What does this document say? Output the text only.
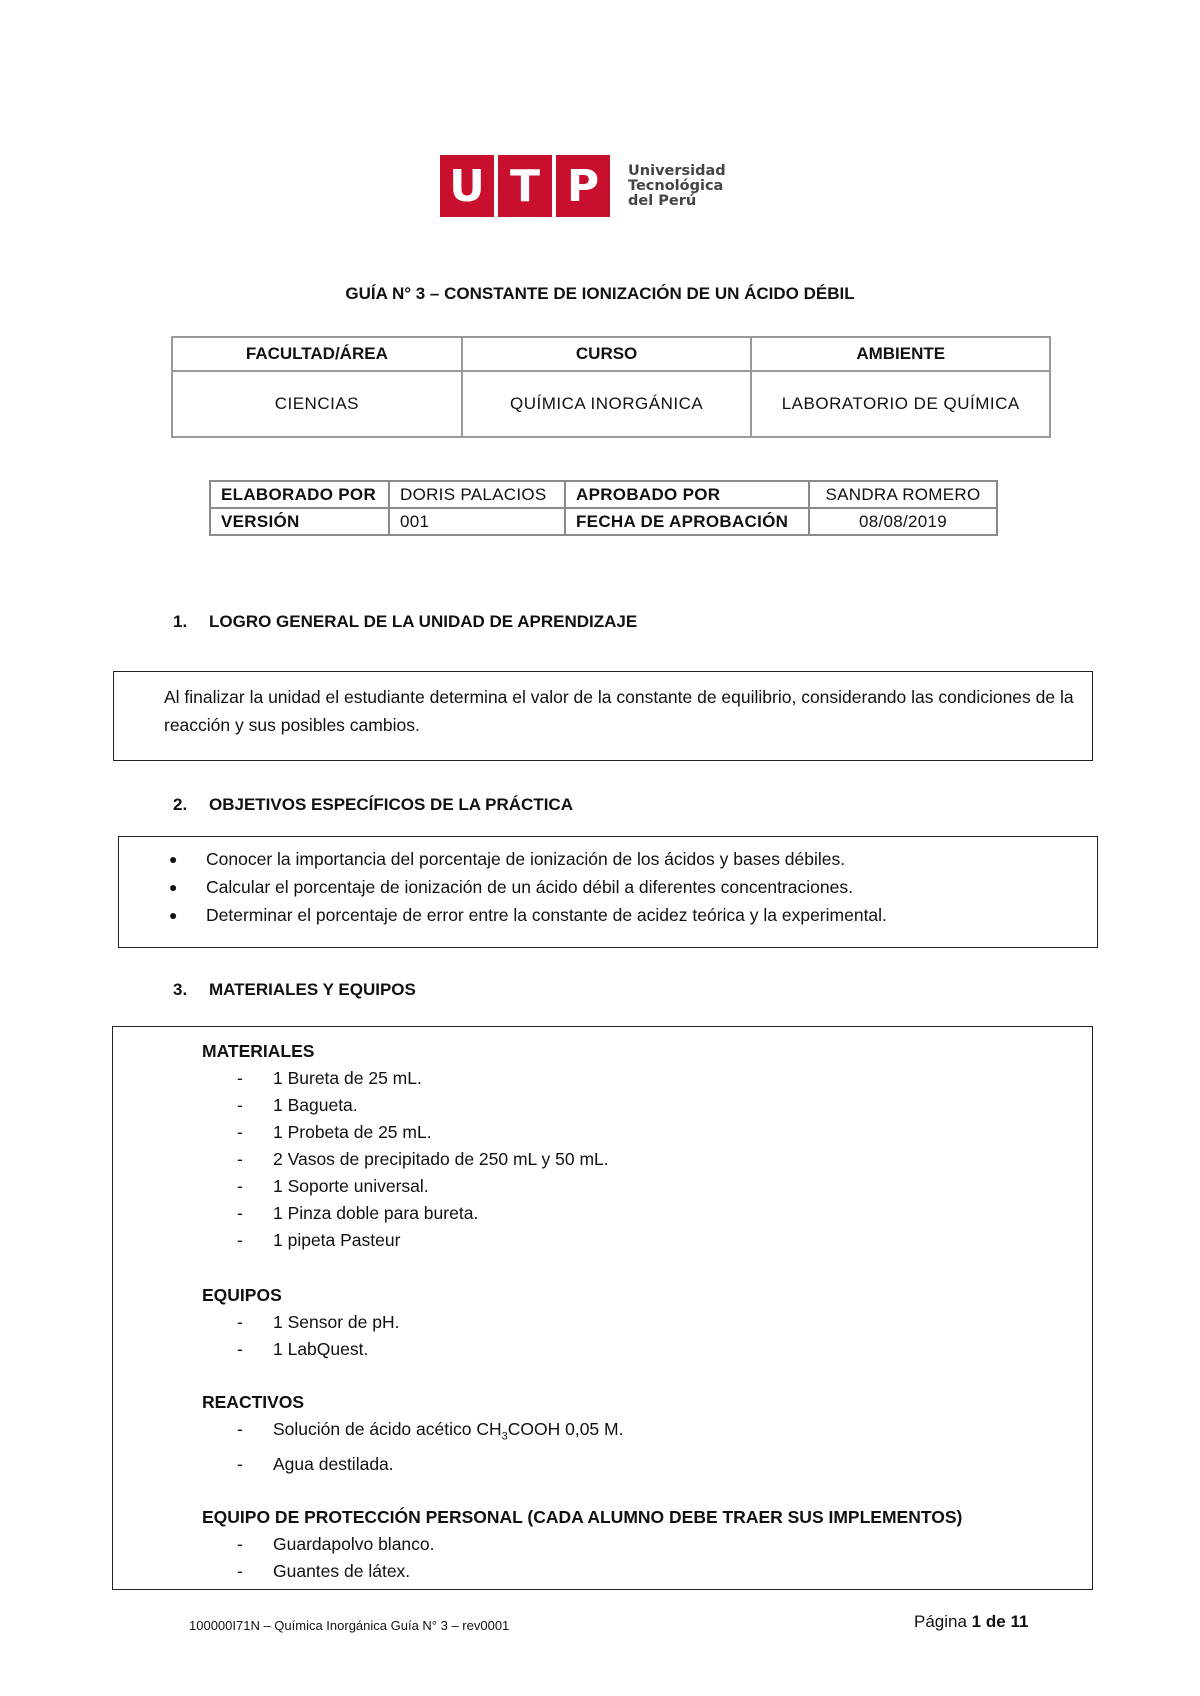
U T P	Universidad
Tecnológica
del Perú
GUÍA N° 3 – CONSTANTE DE IONIZACIÓN DE UN ÁCIDO DÉBIL
FACULTAD/ÁREA	CURSO	AMBIENTE
CIENCIAS	QUÍMICA INORGÁNICA	LABORATORIO DE QUÍMICA
ELABORADO POR	DORIS PALACIOS	APROBADO POR	SANDRA ROMERO
VERSIÓN	001	FECHA DE APROBACIÓN	08/08/2019
1. LOGRO GENERAL DE LA UNIDAD DE APRENDIZAJE
Al finalizar la unidad el estudiante determina el valor de la constante de equilibrio, considerando las condiciones de la reacción y sus posibles cambios.
2. OBJETIVOS ESPECÍFICOS DE LA PRÁCTICA
●	Conocer la importancia del porcentaje de ionización de los ácidos y bases débiles.
●	Calcular el porcentaje de ionización de un ácido débil a diferentes concentraciones.
●	Determinar el porcentaje de error entre la constante de acidez teórica y la experimental.
3. MATERIALES Y EQUIPOS
MATERIALES
-	1 Bureta de 25 mL.
-	1 Bagueta.
-	1 Probeta de 25 mL.
-	2 Vasos de precipitado de 250 mL y 50 mL.
-	1 Soporte universal.
-	1 Pinza doble para bureta.
-	1 pipeta Pasteur
EQUIPOS
-	1 Sensor de pH.
-	1 LabQuest.
REACTIVOS
-	Solución de ácido acético $CH_3COOH$ 0,05 M.
-	Agua destilada.
EQUIPO DE PROTECCIÓN PERSONAL (CADA ALUMNO DEBE TRAER SUS IMPLEMENTOS)
-	Guardapolvo blanco.
-	Guantes de látex.
100000I71N – Química Inorgánica Guía N° 3 – rev0001	Página 1 de 11
